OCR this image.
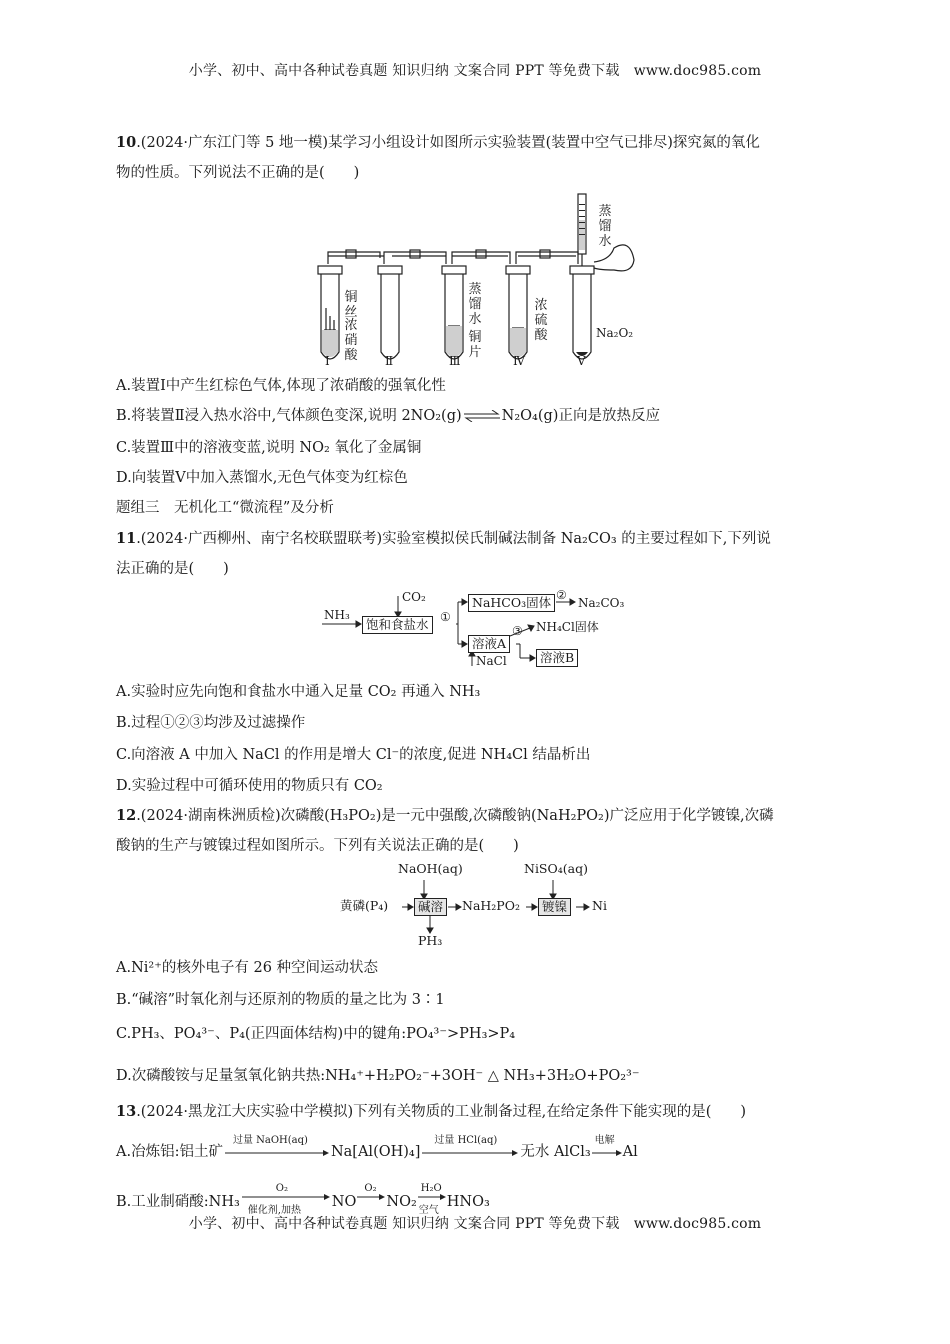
小学、初中、高中各种试卷真题 知识归纳 文案合同 PPT 等免费下载　www.doc985.com
小学、初中、高中各种试卷真题 知识归纳 文案合同 PPT 等免费下载　www.doc985.com
10.(2024·广东江门等 5 地一模)某学习小组设计如图所示实验装置(装置中空气已排尽)探究氮的氧化
物的性质。下列说法不正确的是(　　)
铜丝
浓硝酸
蒸馏水
铜片
浓硫酸
蒸馏水
Na₂O₂
Ⅰ	Ⅱ	Ⅲ	Ⅳ	Ⅴ
A.装置Ⅰ中产生红棕色气体,体现了浓硝酸的强氧化性
B.将装置Ⅱ浸入热水浴中,气体颜色变深,说明 2NO₂(g)⇌N₂O₄(g)正向是放热反应
C.装置Ⅲ中的溶液变蓝,说明 NO₂ 氧化了金属铜
D.向装置Ⅴ中加入蒸馏水,无色气体变为红棕色
题组三　无机化工“微流程”及分析
11.(2024·广西柳州、南宁名校联盟联考)实验室模拟侯氏制碱法制备 Na₂CO₃ 的主要过程如下,下列说
法正确的是(　　)
NH₃
CO₂
饱和食盐水 ①
NaHCO₃固体 ②
Na₂CO₃
溶液A
③ NH₄Cl固体
NaCl	溶液B
A.实验时应先向饱和食盐水中通入足量 CO₂ 再通入 NH₃
B.过程①②③均涉及过滤操作
C.向溶液 A 中加入 NaCl 的作用是增大 Cl⁻的浓度,促进 NH₄Cl 结晶析出
D.实验过程中可循环使用的物质只有 CO₂
12.(2024·湖南株洲质检)次磷酸(H₃PO₂)是一元中强酸,次磷酸钠(NaH₂PO₂)广泛应用于化学镀镍,次磷
酸钠的生产与镀镍过程如图所示。下列有关说法正确的是(　　)
NaOH(aq)	NiSO₄(aq)
黄磷(P₄)	碱溶	NaH₂PO₂	镀镍	Ni
PH₃
A.Ni²⁺的核外电子有 26 种空间运动状态
B.“碱溶”时氧化剂与还原剂的物质的量之比为 3∶1
C.PH₃、PO₄³⁻、P₄(正四面体结构)中的键角:PO₄³⁻>PH₃>P₄
D.次磷酸铵与足量氢氧化钠共热:NH₄⁺+H₂PO₂⁻+3OH⁻ △ NH₃+3H₂O+PO₂³⁻
13.(2024·黑龙江大庆实验中学模拟)下列有关物质的工业制备过程,在给定条件下能实现的是(　　)
A.冶炼铝:铝土矿
过量 NaOH(aq)
Na[Al(OH)₄]
过量 HCl(aq)
无水 AlCl₃
电解
Al
B.工业制硝酸:NH₃
O₂
催化剂,加热
NO
O₂
NO₂
H₂O
空气
HNO₃
